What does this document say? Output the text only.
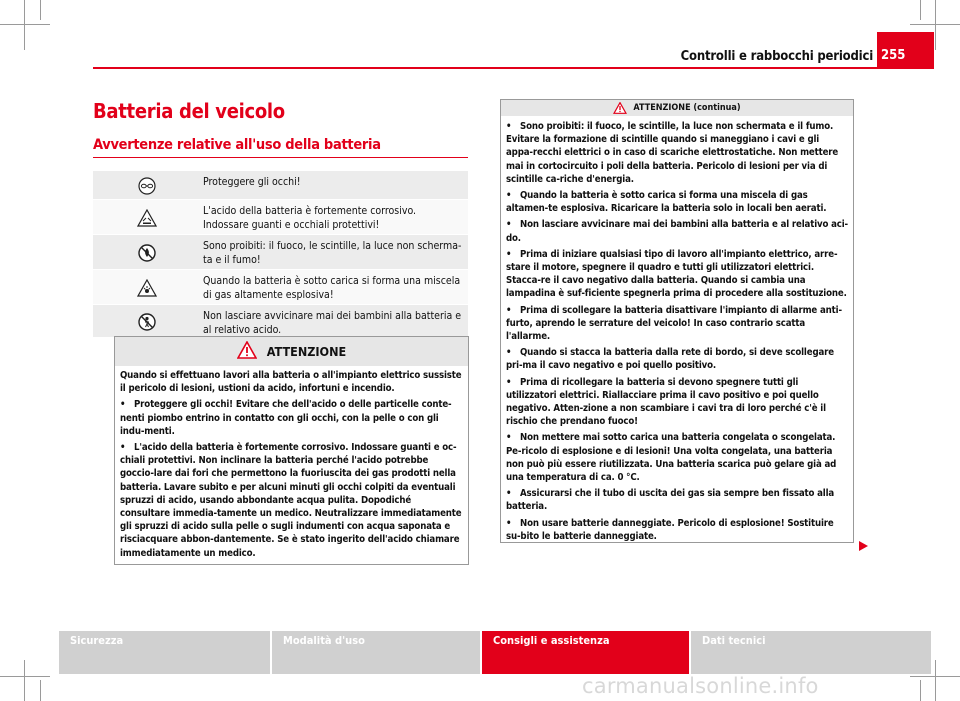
Controlli e rabbocchi periodici 255
Batteria del veicolo
Avvertenze relative all'uso della batteria
Proteggere gli occhi!
L'acido della batteria è fortemente corrosivo. Indossare guanti e occhiali protettivi!
Sono proibiti: il fuoco, le scintille, la luce non scherma-ta e il fumo!
Quando la batteria è sotto carica si forma una miscela di gas altamente esplosiva!
Non lasciare avvicinare mai dei bambini alla batteria e al relativo acido.
ATTENZIONE

Quando si effettuano lavori alla batteria o all'impianto elettrico sussiste il pericolo di lesioni, ustioni da acido, infortuni e incendio.

• Proteggere gli occhi! Evitare che dell'acido o delle particelle conte-nenti piombo entrino in contatto con gli occhi, con la pelle o con gli indu-menti.

• L'acido della batteria è fortemente corrosivo. Indossare guanti e oc-chiali protettivi. Non inclinare la batteria perché l'acido potrebbe goccio-lare dai fori che permettono la fuoriuscita dei gas prodotti nella batteria. Lavare subito e per alcuni minuti gli occhi colpiti da eventuali spruzzi di acido, usando abbondante acqua pulita. Dopodiché consultare immedia-tamente un medico. Neutralizzare immediatamente gli spruzzi di acido sulla pelle o sugli indumenti con acqua saponata e risciacquare abbon-dantemente. Se è stato ingerito dell'acido chiamare immediatamente un medico.

ATTENZIONE (continua)

• Sono proibiti: il fuoco, le scintille, la luce non schermata e il fumo. Evitare la formazione di scintille quando si maneggiano i cavi e gli appa-recchi elettrici o in caso di scariche elettrostatiche. Non mettere mai in cortocircuito i poli della batteria. Pericolo di lesioni per via di scintille ca-riche d'energia.

• Quando la batteria è sotto carica si forma una miscela di gas altamen-te esplosiva. Ricaricare la batteria solo in locali ben aerati.

• Non lasciare avvicinare mai dei bambini alla batteria e al relativo aci-do.

• Prima di iniziare qualsiasi tipo di lavoro all'impianto elettrico, arre-stare il motore, spegnere il quadro e tutti gli utilizzatori elettrici. Stacca-re il cavo negativo dalla batteria. Quando si cambia una lampadina è suf-ficiente spegnerla prima di procedere alla sostituzione.

• Prima di scollegare la batteria disattivare l'impianto di allarme anti-furto, aprendo le serrature del veicolo! In caso contrario scatta l'allarme.

• Quando si stacca la batteria dalla rete di bordo, si deve scollegare pri-ma il cavo negativo e poi quello positivo.

• Prima di ricollegare la batteria si devono spegnere tutti gli utilizzatori elettrici. Riallacciare prima il cavo positivo e poi quello negativo. Atten-zione a non scambiare i cavi tra di loro perché c'è il rischio che prendano fuoco!

• Non mettere mai sotto carica una batteria congelata o scongelata. Pe-ricolo di esplosione e di lesioni! Una volta congelata, una batteria non può più essere riutilizzata. Una batteria scarica può gelare già ad una temperatura di ca. 0 °C.

• Assicurarsi che il tubo di uscita dei gas sia sempre ben fissato alla batteria.

• Non usare batterie danneggiate. Pericolo di esplosione! Sostituire su-bito le batterie danneggiate.

Sicurezza	Modalità d'uso	Consigli e assistenza	Dati tecnici
carmanualsonline.info
